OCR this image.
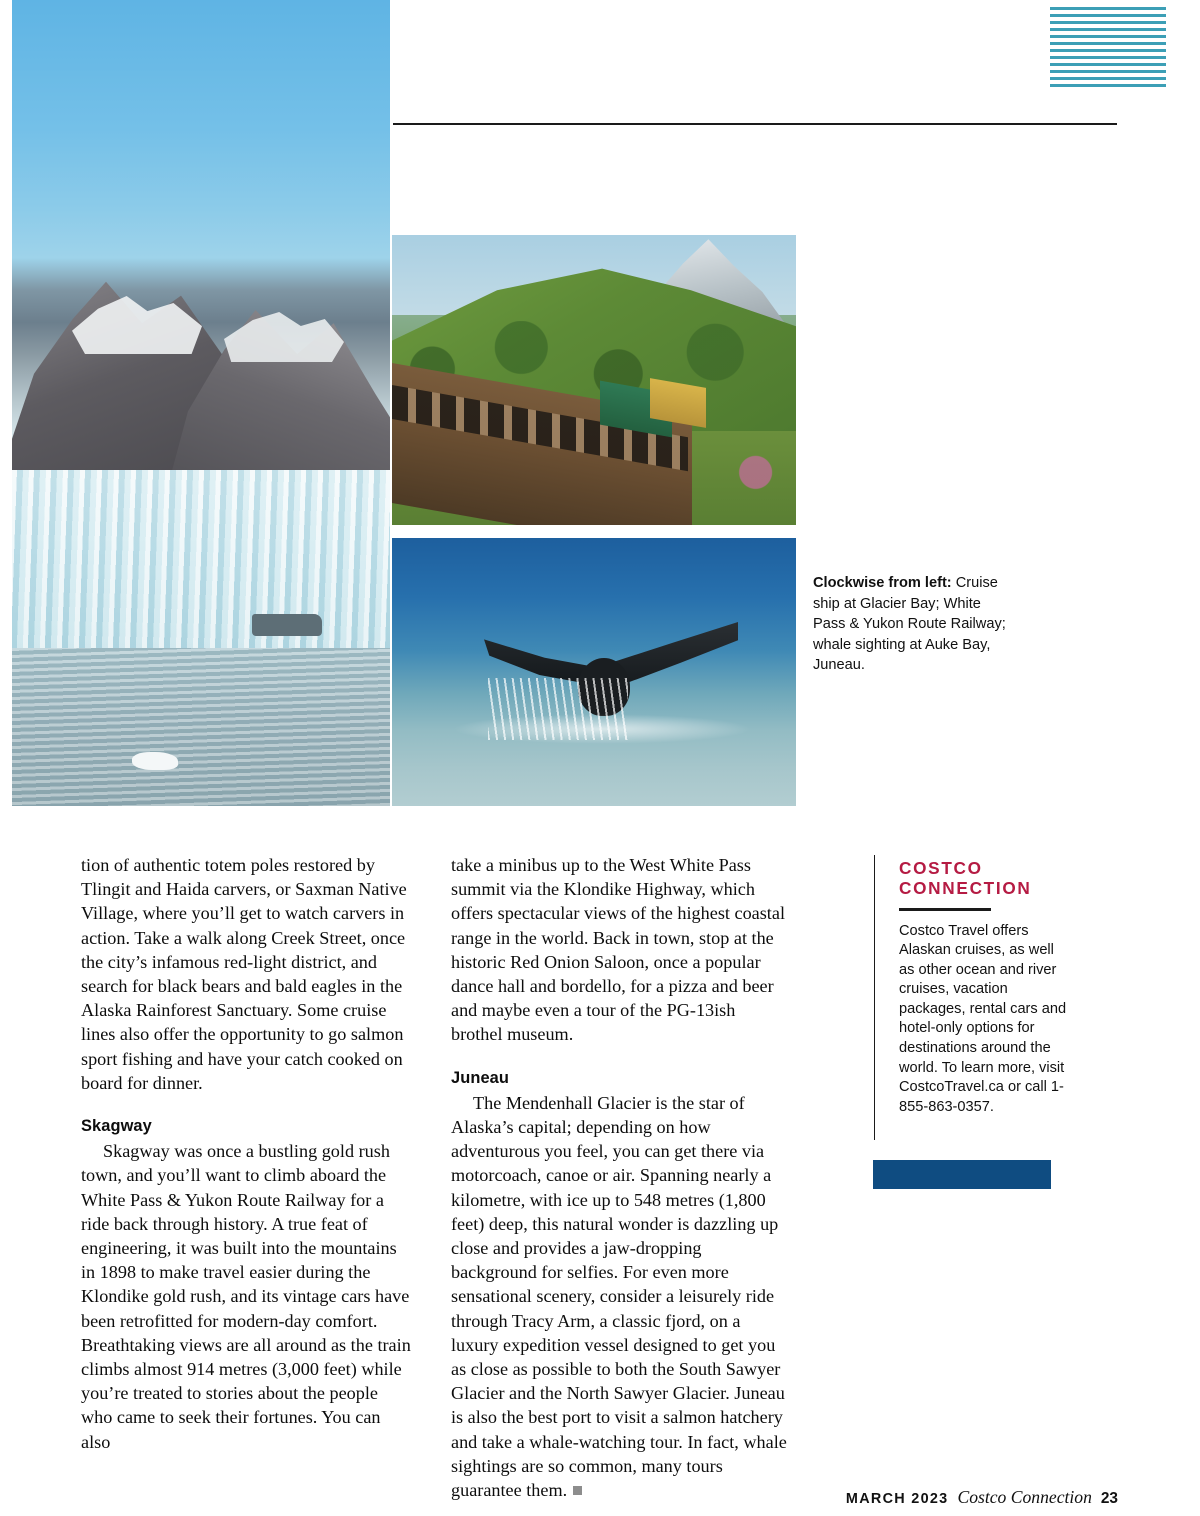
Clockwise from left: Cruise ship at Glacier Bay; White Pass & Yukon Route Railway; whale sighting at Auke Bay, Juneau.

tion of authentic totem poles restored by Tlingit and Haida carvers, or Saxman Native Village, where you’ll get to watch carvers in action. Take a walk along Creek Street, once the city’s infamous red-light district, and search for black bears and bald eagles in the Alaska Rainforest Sanctuary. Some cruise lines also offer the opportunity to go salmon sport fishing and have your catch cooked on board for dinner.

Skagway

Skagway was once a bustling gold rush town, and you’ll want to climb aboard the White Pass & Yukon Route Railway for a ride back through history. A true feat of engineering, it was built into the mountains in 1898 to make travel easier during the Klondike gold rush, and its vintage cars have been retrofitted for modern-day comfort. Breathtaking views are all around as the train climbs almost 914 metres (3,000 feet) while you’re treated to stories about the people who came to seek their fortunes. You can also

take a minibus up to the West White Pass summit via the Klondike Highway, which offers spectacular views of the highest coastal range in the world. Back in town, stop at the historic Red Onion Saloon, once a popular dance hall and bordello, for a pizza and beer and maybe even a tour of the PG-13ish brothel museum.

Juneau

The Mendenhall Glacier is the star of Alaska’s capital; depending on how adventurous you feel, you can get there via motorcoach, canoe or air. Spanning nearly a kilometre, with ice up to 548 metres (1,800 feet) deep, this natural wonder is dazzling up close and provides a jaw-dropping background for selfies. For even more sensational scenery, consider a leisurely ride through Tracy Arm, a classic fjord, on a luxury expedition vessel designed to get you as close as possible to both the South Sawyer Glacier and the North Sawyer Glacier. Juneau is also the best port to visit a salmon hatchery and take a whale-watching tour. In fact, whale sightings are so common, many tours guarantee them.

COSTCO
CONNECTION
Costco Travel offers Alaskan cruises, as well as other ocean and river cruises, vacation packages, rental cars and hotel-only options for destinations around the world. To learn more, visit CostcoTravel.ca or call 1-855-863-0357.
MARCH 2023 Costco Connection 23
